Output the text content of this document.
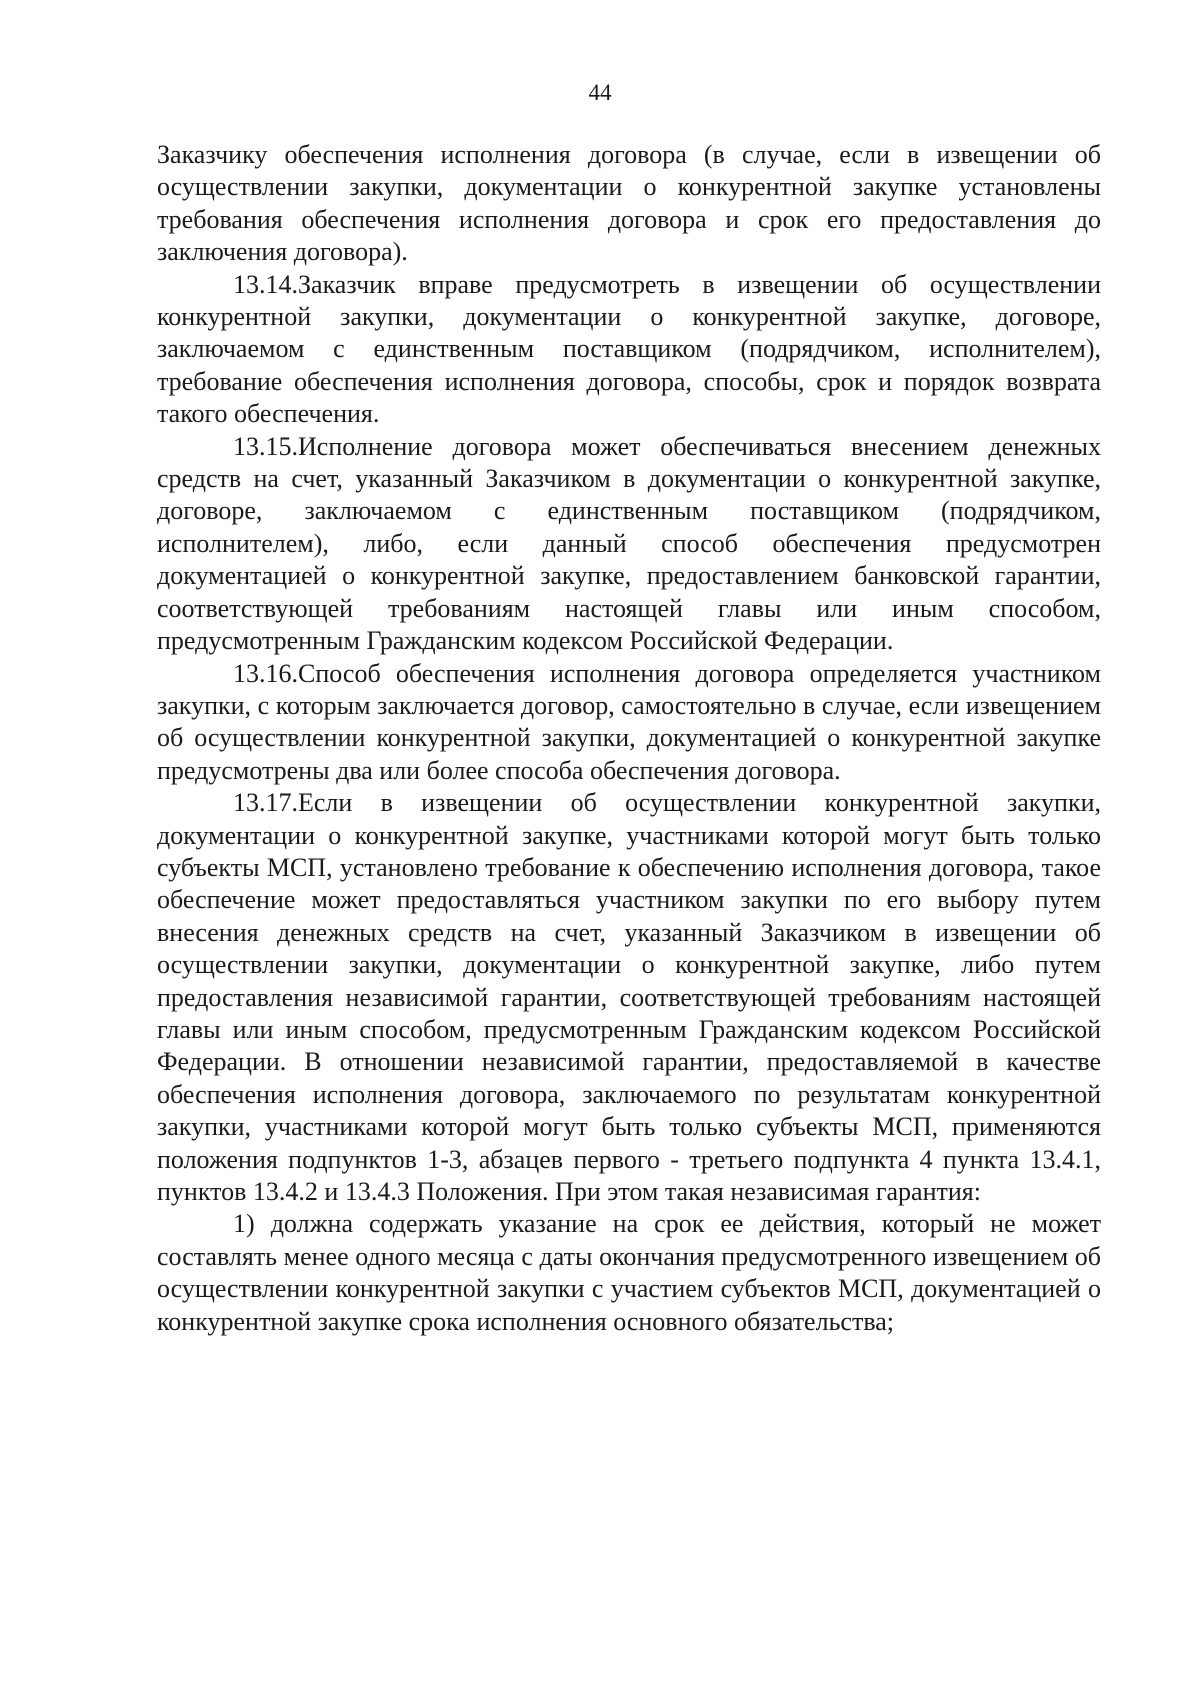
44

Заказчику обеспечения исполнения договора (в случае, если в извещении об осуществлении закупки, документации о конкурентной закупке установлены требования обеспечения исполнения договора и срок его предоставления до заключения договора).

13.14.Заказчик вправе предусмотреть в извещении об осуществлении конкурентной закупки, документации о конкурентной закупке, договоре, заключаемом с единственным поставщиком (подрядчиком, исполнителем), требование обеспечения исполнения договора, способы, срок и порядок возврата такого обеспечения.

13.15.Исполнение договора может обеспечиваться внесением денежных средств на счет, указанный Заказчиком в документации о конкурентной закупке, договоре, заключаемом с единственным поставщиком (подрядчиком, исполнителем), либо, если данный способ обеспечения предусмотрен документацией о конкурентной закупке, предоставлением банковской гарантии, соответствующей требованиям настоящей главы или иным способом, предусмотренным Гражданским кодексом Российской Федерации.

13.16.Способ обеспечения исполнения договора определяется участником закупки, с которым заключается договор, самостоятельно в случае, если извещением об осуществлении конкурентной закупки, документацией о конкурентной закупке предусмотрены два или более способа обеспечения договора.

13.17.Если в извещении об осуществлении конкурентной закупки, документации о конкурентной закупке, участниками которой могут быть только субъекты МСП, установлено требование к обеспечению исполнения договора, такое обеспечение может предоставляться участником закупки по его выбору путем внесения денежных средств на счет, указанный Заказчиком в извещении об осуществлении закупки, документации о конкурентной закупке, либо путем предоставления независимой гарантии, соответствующей требованиям настоящей главы или иным способом, предусмотренным Гражданским кодексом Российской Федерации. В отношении независимой гарантии, предоставляемой в качестве обеспечения исполнения договора, заключаемого по результатам конкурентной закупки, участниками которой могут быть только субъекты МСП, применяются положения подпунктов 1-3, абзацев первого - третьего подпункта 4 пункта 13.4.1, пунктов 13.4.2 и 13.4.3 Положения. При этом такая независимая гарантия:

1) должна содержать указание на срок ее действия, который не может составлять менее одного месяца с даты окончания предусмотренного извещением об осуществлении конкурентной закупки с участием субъектов МСП, документацией о конкурентной закупке срока исполнения основного обязательства;
